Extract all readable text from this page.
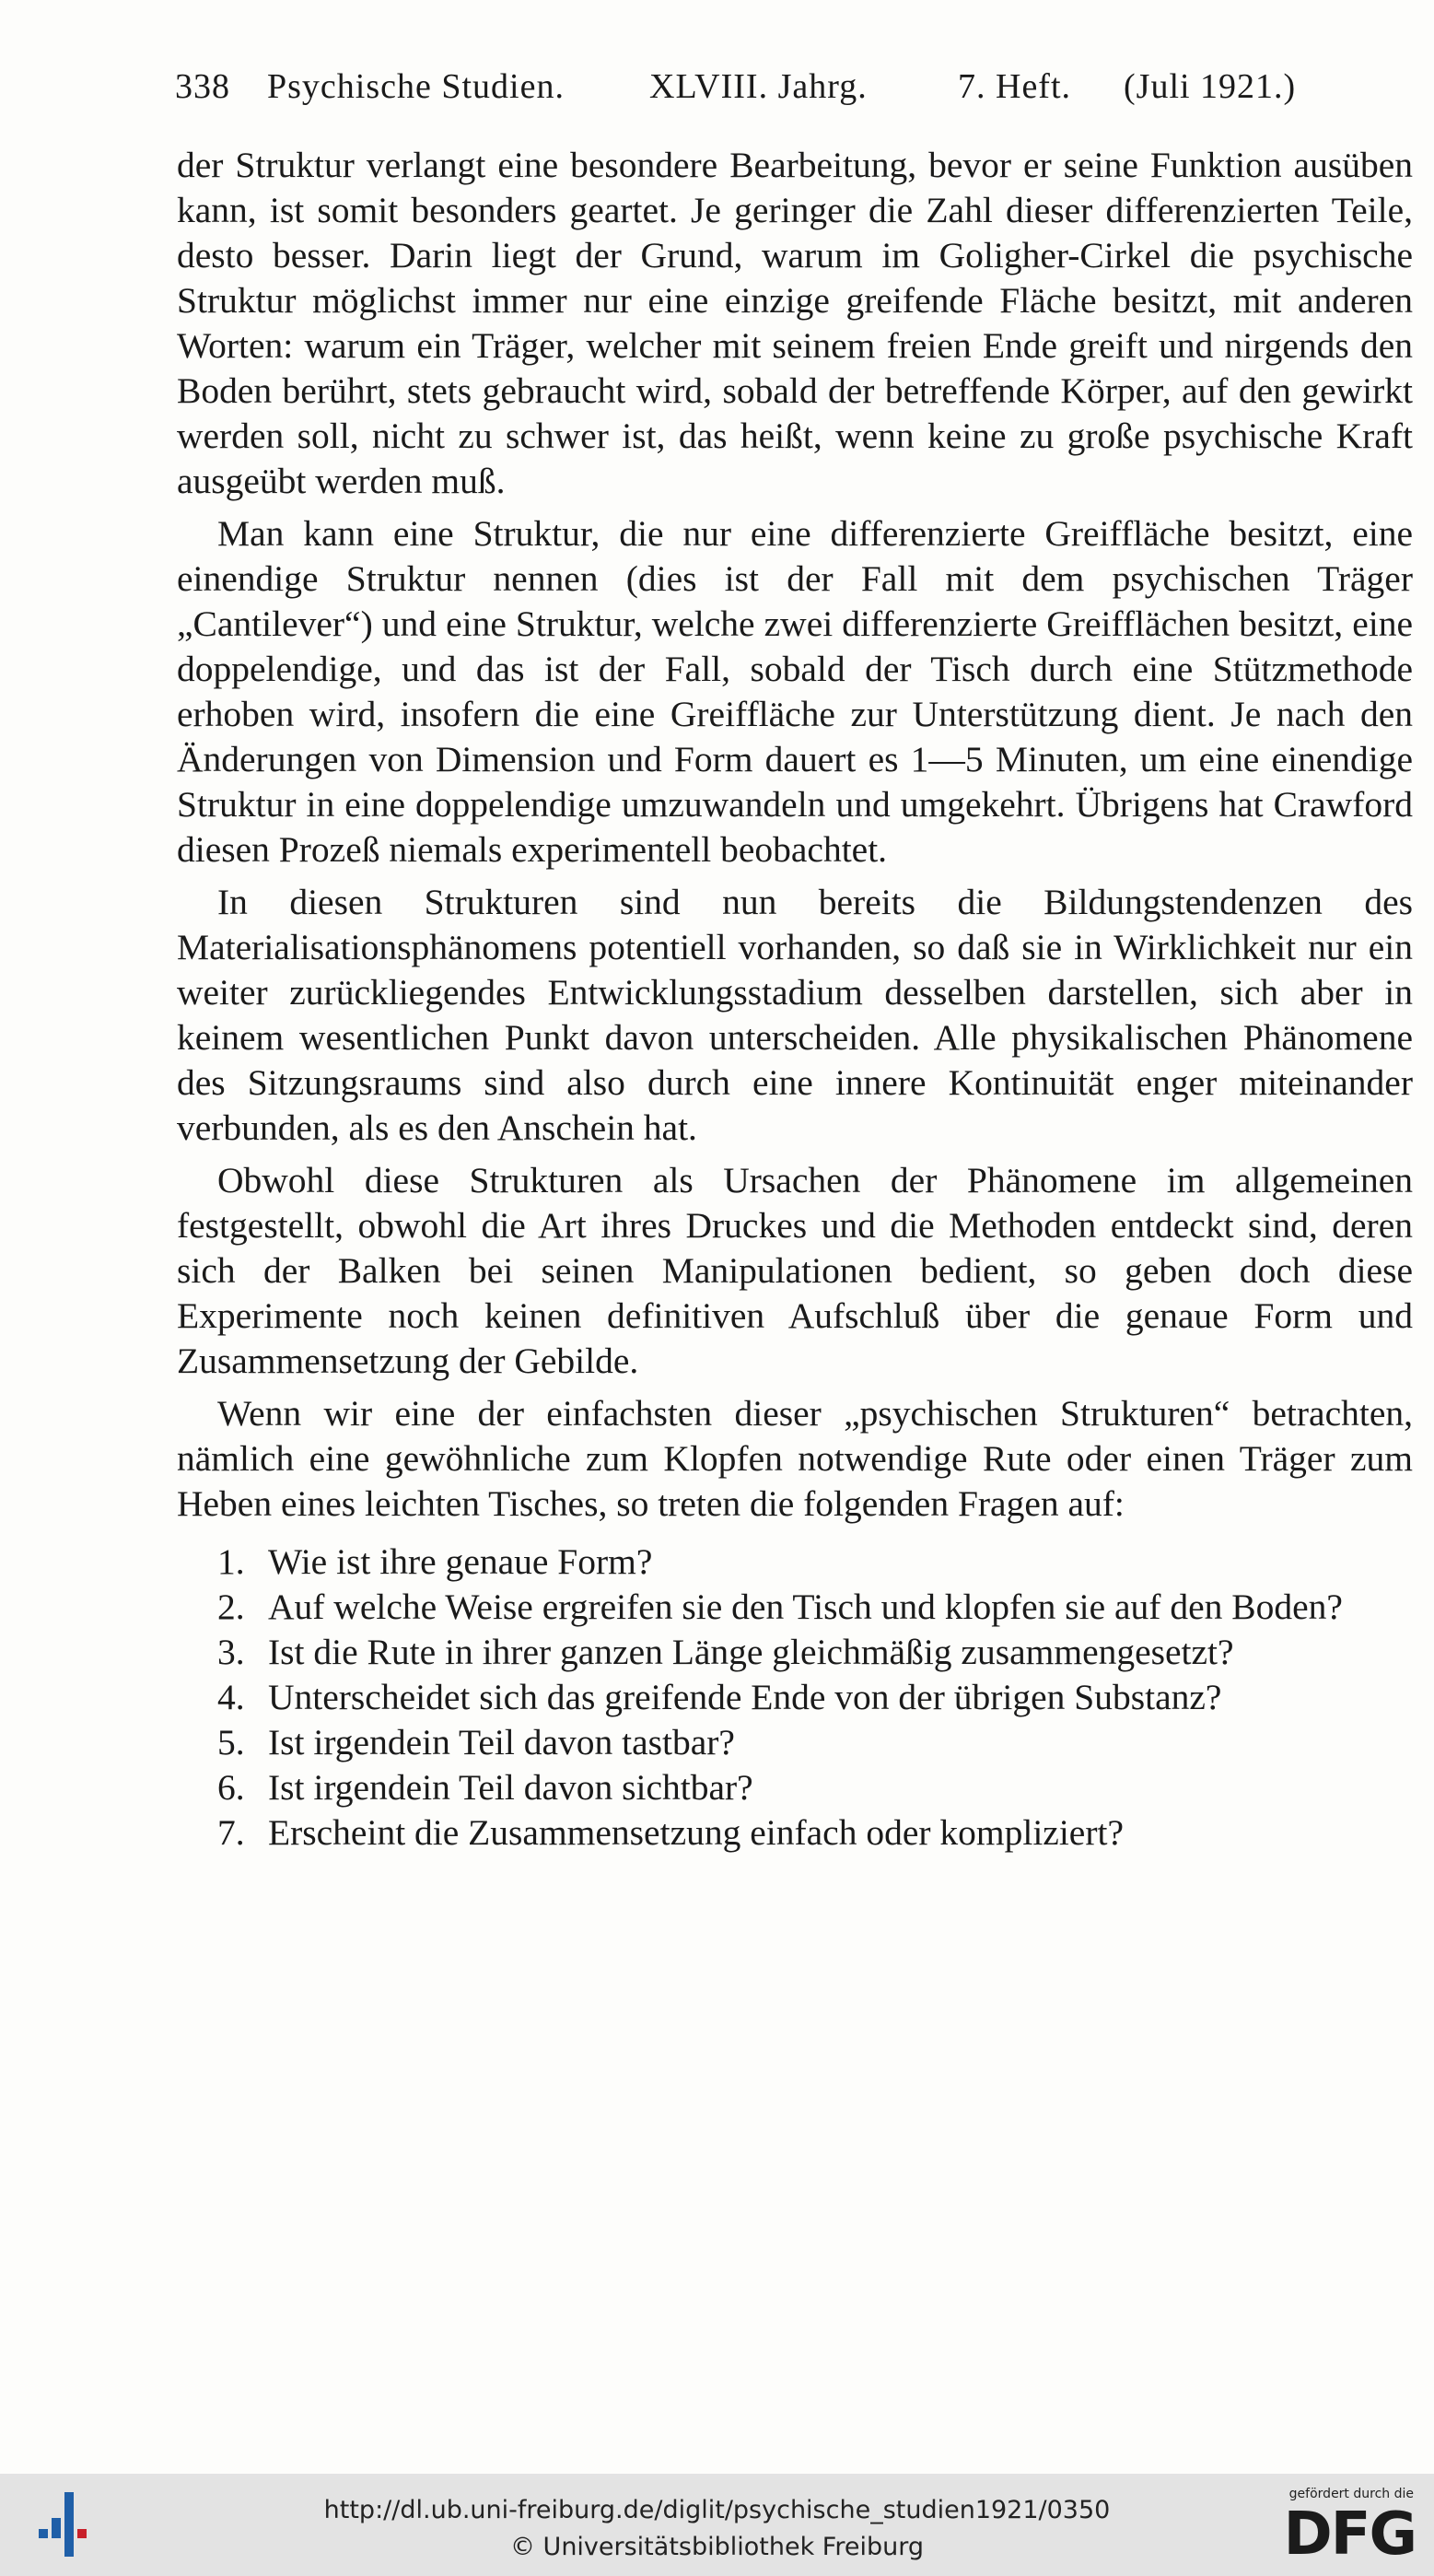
338 Psychische Studien. XLVIII. Jahrg.	7. Heft. (Juli 1921.)

der Struktur verlangt eine besondere Bearbeitung, bevor er seine Funktion ausüben kann, ist somit besonders geartet. Je geringer die Zahl dieser differenzierten Teile, desto besser. Darin liegt der Grund, warum im Goligher-Cirkel die psychische Struktur möglichst immer nur eine einzige greifende Fläche besitzt, mit anderen Worten: warum ein Träger, welcher mit seinem freien Ende greift und nirgends den Boden berührt, stets gebraucht wird, sobald der betreffende Körper, auf den gewirkt werden soll, nicht zu schwer ist, das heißt, wenn keine zu große psychische Kraft ausgeübt werden muß.

Man kann eine Struktur, die nur eine differenzierte Greiffläche besitzt, eine einendige Struktur nennen (dies ist der Fall mit dem psychischen Träger „Cantilever“) und eine Struktur, welche zwei differenzierte Greifflächen besitzt, eine doppelendige, und das ist der Fall, sobald der Tisch durch eine Stützmethode erhoben wird, insofern die eine Greiffläche zur Unterstützung dient. Je nach den Änderungen von Dimension und Form dauert es 1—5 Minuten, um eine einendige Struktur in eine doppelendige umzuwandeln und umgekehrt. Übrigens hat Crawford diesen Prozeß niemals experimentell beobachtet.

In diesen Strukturen sind nun bereits die Bildungstendenzen des Materialisationsphänomens potentiell vorhanden, so daß sie in Wirklichkeit nur ein weiter zurückliegendes Entwicklungsstadium desselben darstellen, sich aber in keinem wesentlichen Punkt davon unterscheiden. Alle physikalischen Phänomene des Sitzungsraums sind also durch eine innere Kontinuität enger miteinander verbunden, als es den Anschein hat.

Obwohl diese Strukturen als Ursachen der Phänomene im allgemeinen festgestellt, obwohl die Art ihres Druckes und die Methoden entdeckt sind, deren sich der Balken bei seinen Manipulationen bedient, so geben doch diese Experimente noch keinen definitiven Aufschluß über die genaue Form und Zusammensetzung der Gebilde.

Wenn wir eine der einfachsten dieser „psychischen Strukturen“ betrachten, nämlich eine gewöhnliche zum Klopfen notwendige Rute oder einen Träger zum Heben eines leichten Tisches, so treten die folgenden Fragen auf:

1. Wie ist ihre genaue Form?
2. Auf welche Weise ergreifen sie den Tisch und klopfen sie auf den Boden?
3. Ist die Rute in ihrer ganzen Länge gleichmäßig zusammengesetzt?
4. Unterscheidet sich das greifende Ende von der übrigen Substanz?
5. Ist irgendein Teil davon tastbar?
6. Ist irgendein Teil davon sichtbar?
7. Erscheint die Zusammensetzung einfach oder kompliziert?
http://dl.ub.uni-freiburg.de/diglit/psychische_studien1921/0350
© Universitätsbibliothek Freiburg
gefördert durch die
DFG
